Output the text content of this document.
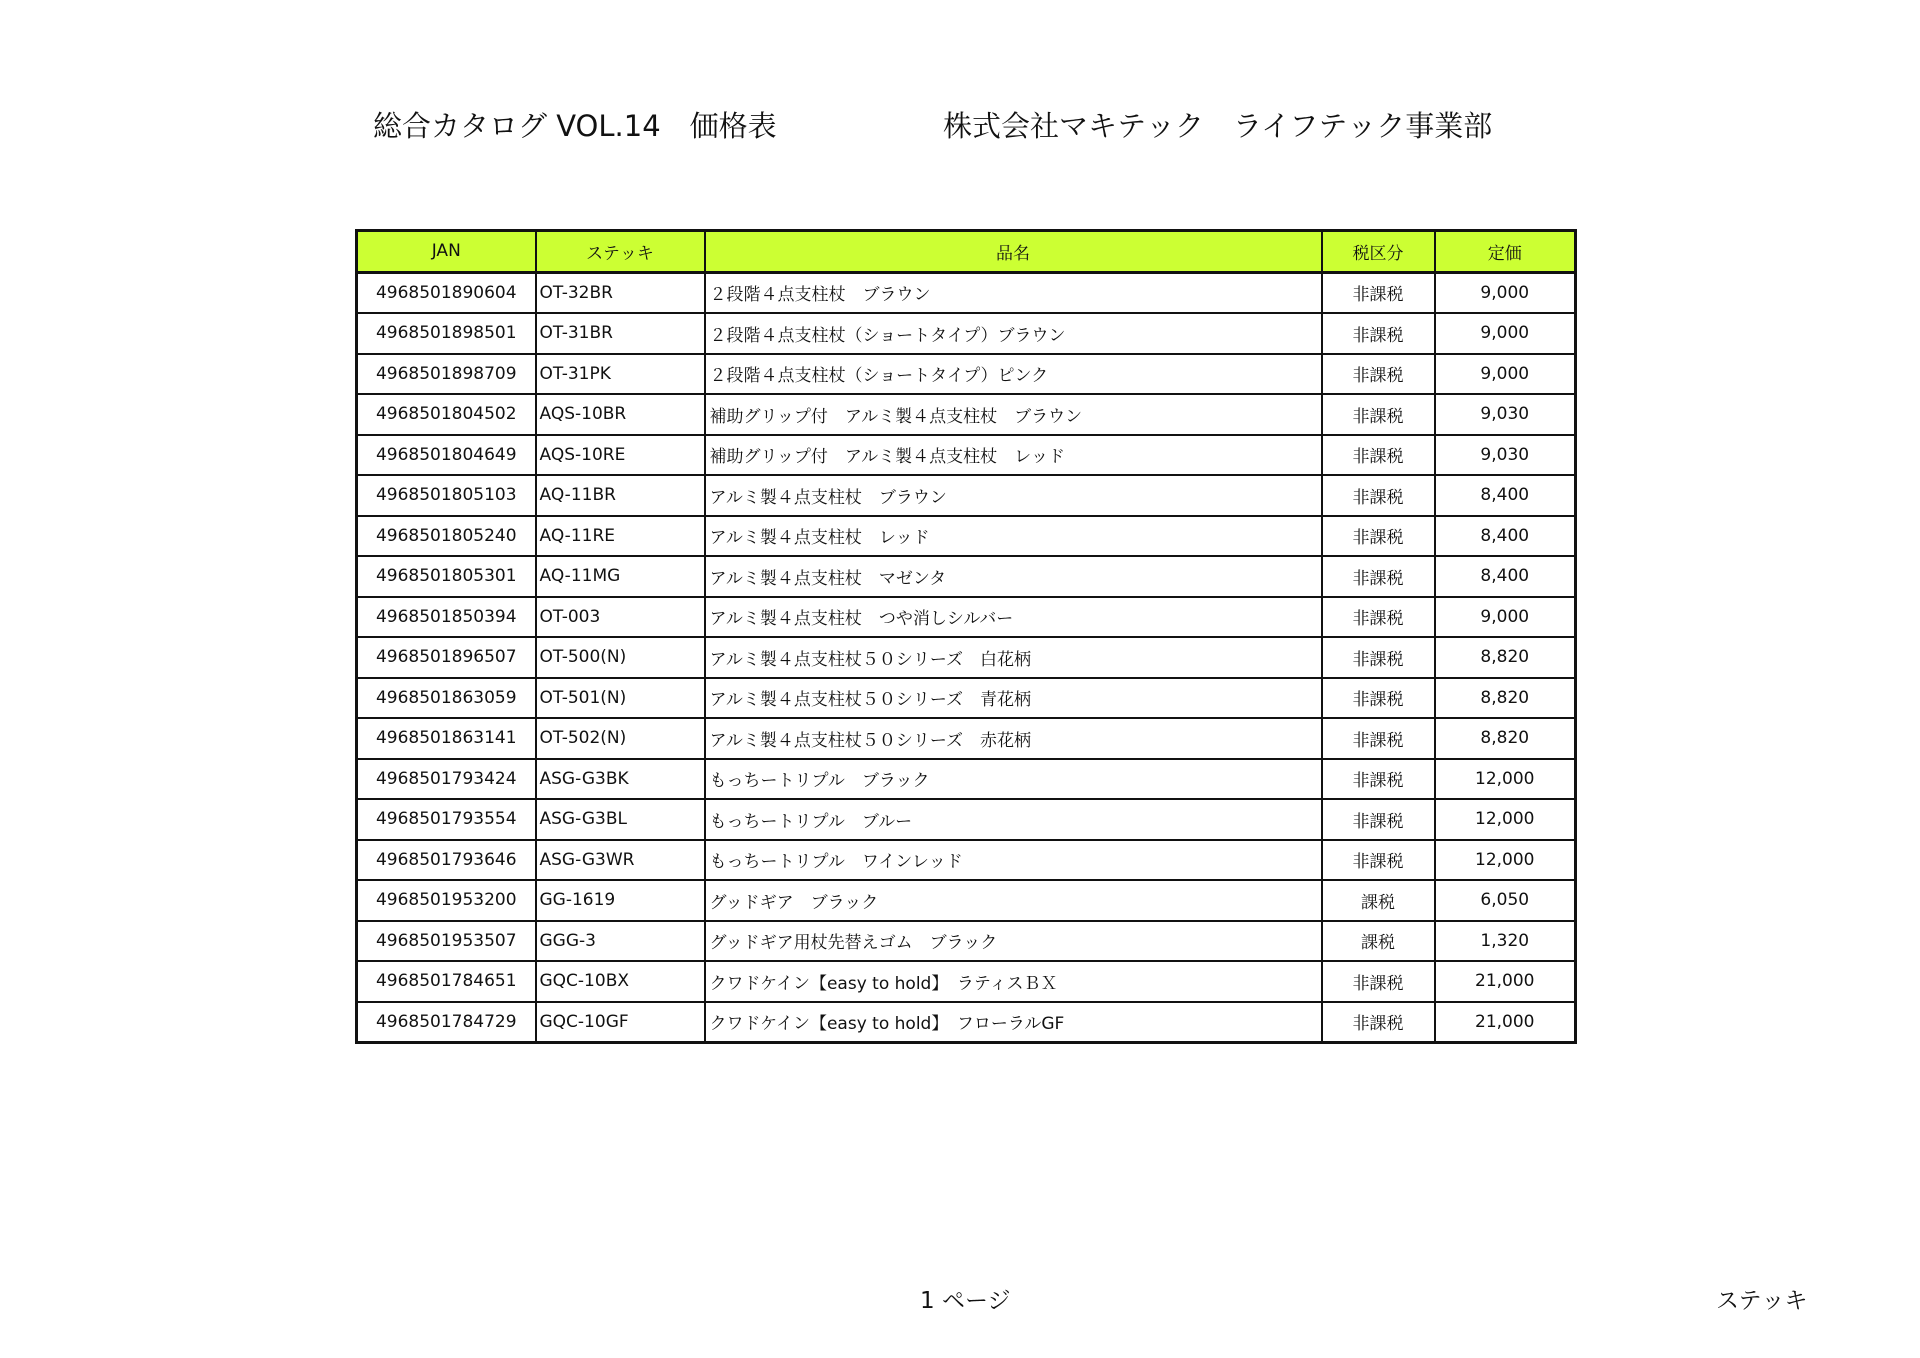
総合カタログ VOL.14　価格表	株式会社マキテック　ライフテック事業部
JAN	ステッキ	品名	税区分	定価
4968501890604	OT-32BR	２段階４点支柱杖　ブラウン	非課税	9,000
4968501898501	OT-31BR	２段階４点支柱杖（ショートタイプ）ブラウン	非課税	9,000
4968501898709	OT-31PK	２段階４点支柱杖（ショートタイプ）ピンク	非課税	9,000
4968501804502	AQS-10BR	補助グリップ付　アルミ製４点支柱杖　ブラウン	非課税	9,030
4968501804649	AQS-10RE	補助グリップ付　アルミ製４点支柱杖　レッド	非課税	9,030
4968501805103	AQ-11BR	アルミ製４点支柱杖　ブラウン	非課税	8,400
4968501805240	AQ-11RE	アルミ製４点支柱杖　レッド	非課税	8,400
4968501805301	AQ-11MG	アルミ製４点支柱杖　マゼンタ	非課税	8,400
4968501850394	OT-003	アルミ製４点支柱杖　つや消しシルバー	非課税	9,000
4968501896507	OT-500(N)	アルミ製４点支柱杖５０シリーズ　白花柄	非課税	8,820
4968501863059	OT-501(N)	アルミ製４点支柱杖５０シリーズ　青花柄	非課税	8,820
4968501863141	OT-502(N)	アルミ製４点支柱杖５０シリーズ　赤花柄	非課税	8,820
4968501793424	ASG-G3BK	もっちートリプル　ブラック	非課税	12,000
4968501793554	ASG-G3BL	もっちートリプル　ブルー	非課税	12,000
4968501793646	ASG-G3WR	もっちートリプル　ワインレッド	非課税	12,000
4968501953200	GG-1619	グッドギア　ブラック	課税	6,050
4968501953507	GGG-3	グッドギア用杖先替えゴム　ブラック	課税	1,320
4968501784651	GQC-10BX	クワドケイン【easy to hold】　ラティスＢＸ	非課税	21,000
4968501784729	GQC-10GF	クワドケイン【easy to hold】　フローラルGF	非課税	21,000
1 ページ	ステッキ
